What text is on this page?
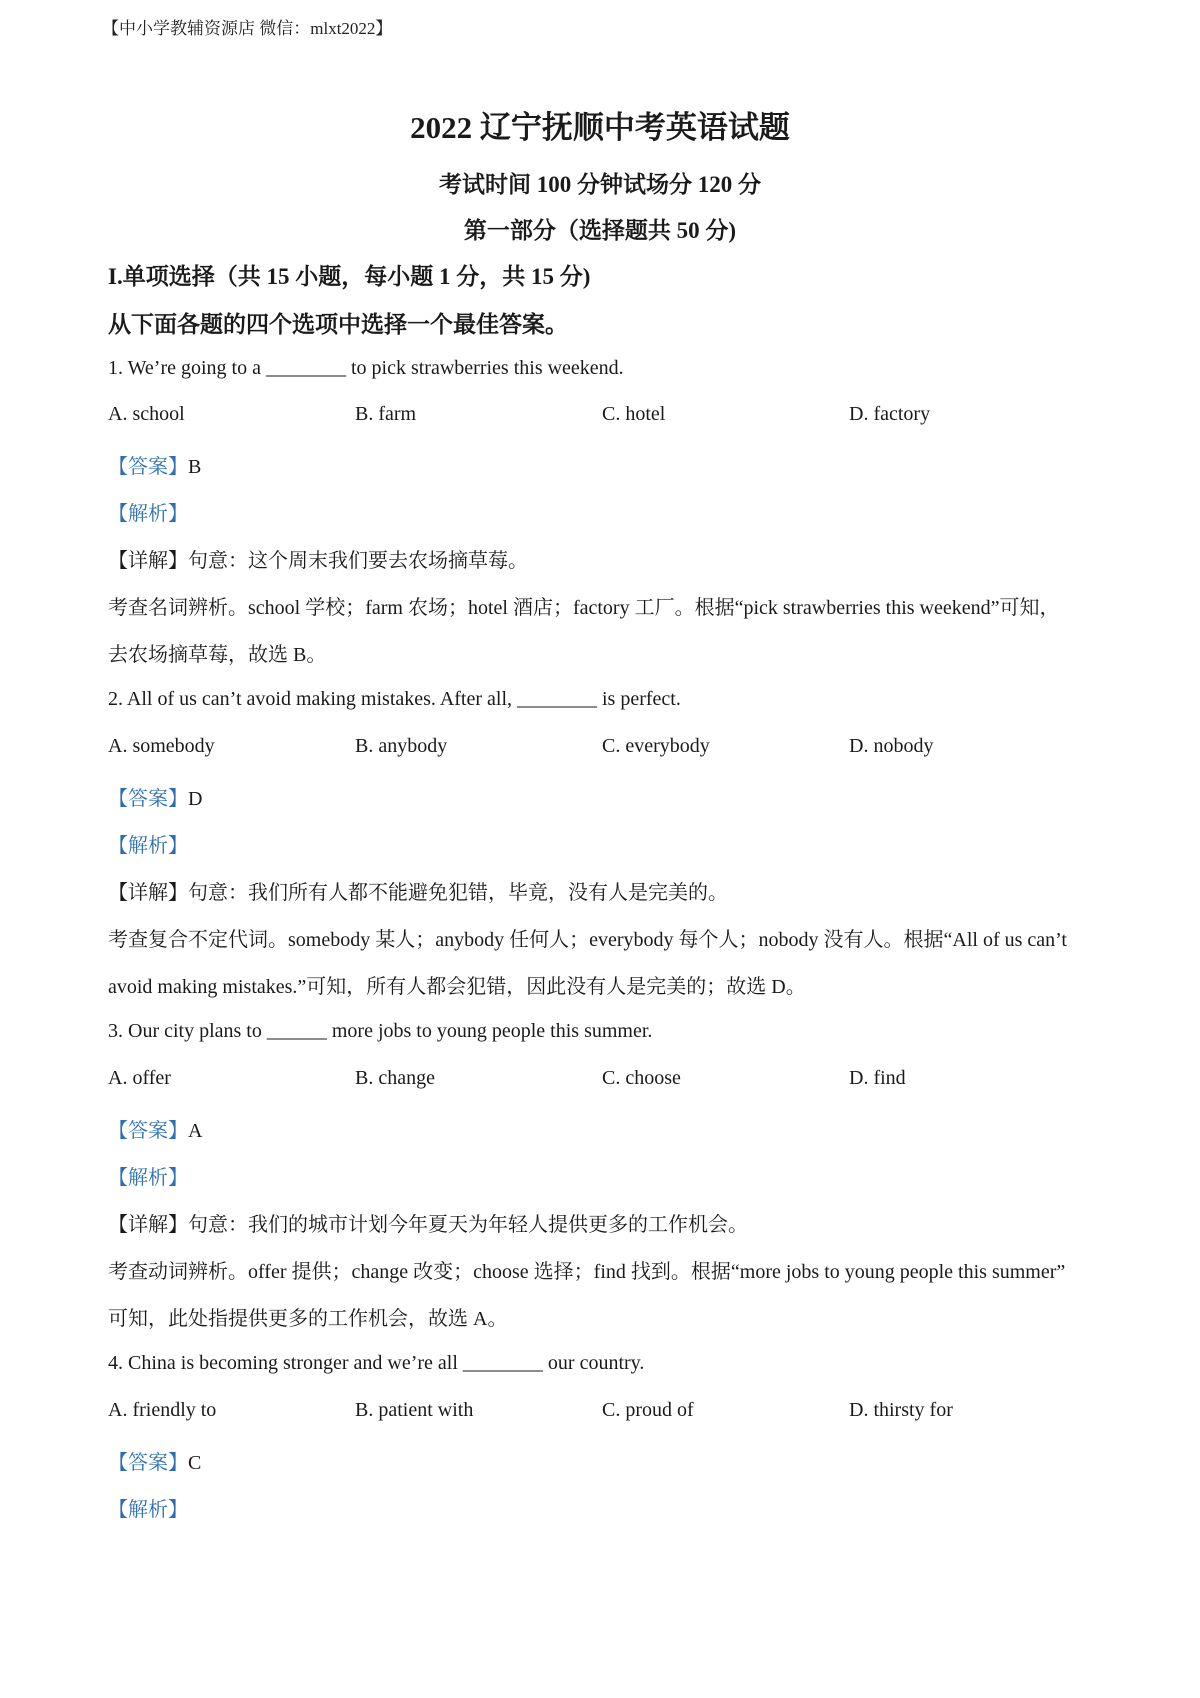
【中小学教辅资源店 微信：mlxt2022】
2022 辽宁抚顺中考英语试题
考试时间 100 分钟试场分 120 分
第一部分（选择题共 50 分)
I.单项选择（共 15 小题，每小题 1 分，共 15 分)
从下面各题的四个选项中选择一个最佳答案。
1. We’re going to a ________ to pick strawberries this weekend.
A. school	B. farm	C. hotel	D. factory
【答案】B
【解析】
【详解】句意：这个周末我们要去农场摘草莓。
考查名词辨析。school 学校；farm 农场；hotel 酒店；factory 工厂。根据“pick strawberries this weekend”可知，
去农场摘草莓，故选 B。
2. All of us can’t avoid making mistakes. After all, ________ is perfect.
A. somebody	B. anybody	C. everybody	D. nobody
【答案】D
【解析】
【详解】句意：我们所有人都不能避免犯错，毕竟，没有人是完美的。
考查复合不定代词。somebody 某人；anybody 任何人；everybody 每个人；nobody 没有人。根据“All of us can’t
avoid making mistakes.”可知，所有人都会犯错，因此没有人是完美的；故选 D。
3. Our city plans to ______ more jobs to young people this summer.
A. offer	B. change	C. choose	D. find
【答案】A
【解析】
【详解】句意：我们的城市计划今年夏天为年轻人提供更多的工作机会。
考查动词辨析。offer 提供；change 改变；choose 选择；find 找到。根据“more jobs to young people this summer”
可知，此处指提供更多的工作机会，故选 A。
4. China is becoming stronger and we’re all ________ our country.
A. friendly to	B. patient with	C. proud of	D. thirsty for
【答案】C
【解析】
